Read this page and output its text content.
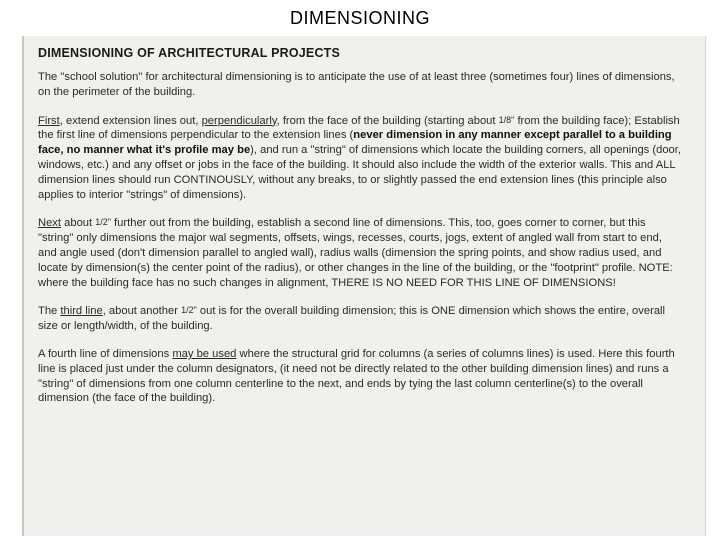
DIMENSIONING
DIMENSIONING OF ARCHITECTURAL PROJECTS

The "school solution" for architectural dimensioning is to anticipate the use of at least three (sometimes four) lines of dimensions, on the perimeter of the building.

First, extend extension lines out, perpendicularly, from the face of the building (starting about 1/8" from the building face); Establish the first line of dimensions perpendicular to the extension lines (never dimension in any manner except parallel to a building face, no manner what it's profile may be), and run a "string" of dimensions which locate the building corners, all openings (door, windows, etc.) and any offset or jobs in the face of the building. It should also include the width of the exterior walls. This and ALL dimension lines should run CONTINOUSLY, without any breaks, to or slightly passed the end extension lines (this principle also applies to interior "strings" of dimensions).

Next about 1/2" further out from the building, establish a second line of dimensions. This, too, goes corner to corner, but this "string" only dimensions the major wal segments, offsets, wings, recesses, courts, jogs, extent of angled wall from start to end, and angle used (don't dimension parallel to angled wall), radius walls (dimension the spring points, and show radius used, and locate by dimension(s) the center point of the radius), or other changes in the line of the building, or the "footprint" profile. NOTE: where the building face has no such changes in alignment, THERE IS NO NEED FOR THIS LINE OF DIMENSIONS!

The third line, about another 1/2" out is for the overall building dimension; this is ONE dimension which shows the entire, overall size or length/width, of the building.

A fourth line of dimensions may be used where the structural grid for columns (a series of columns lines) is used. Here this fourth line is placed just under the column designators, (it need not be directly related to the other building dimension lines) and runs a "string" of dimensions from one column centerline to the next, and ends by tying the last column centerline(s) to the overall dimension (the face of the building).
